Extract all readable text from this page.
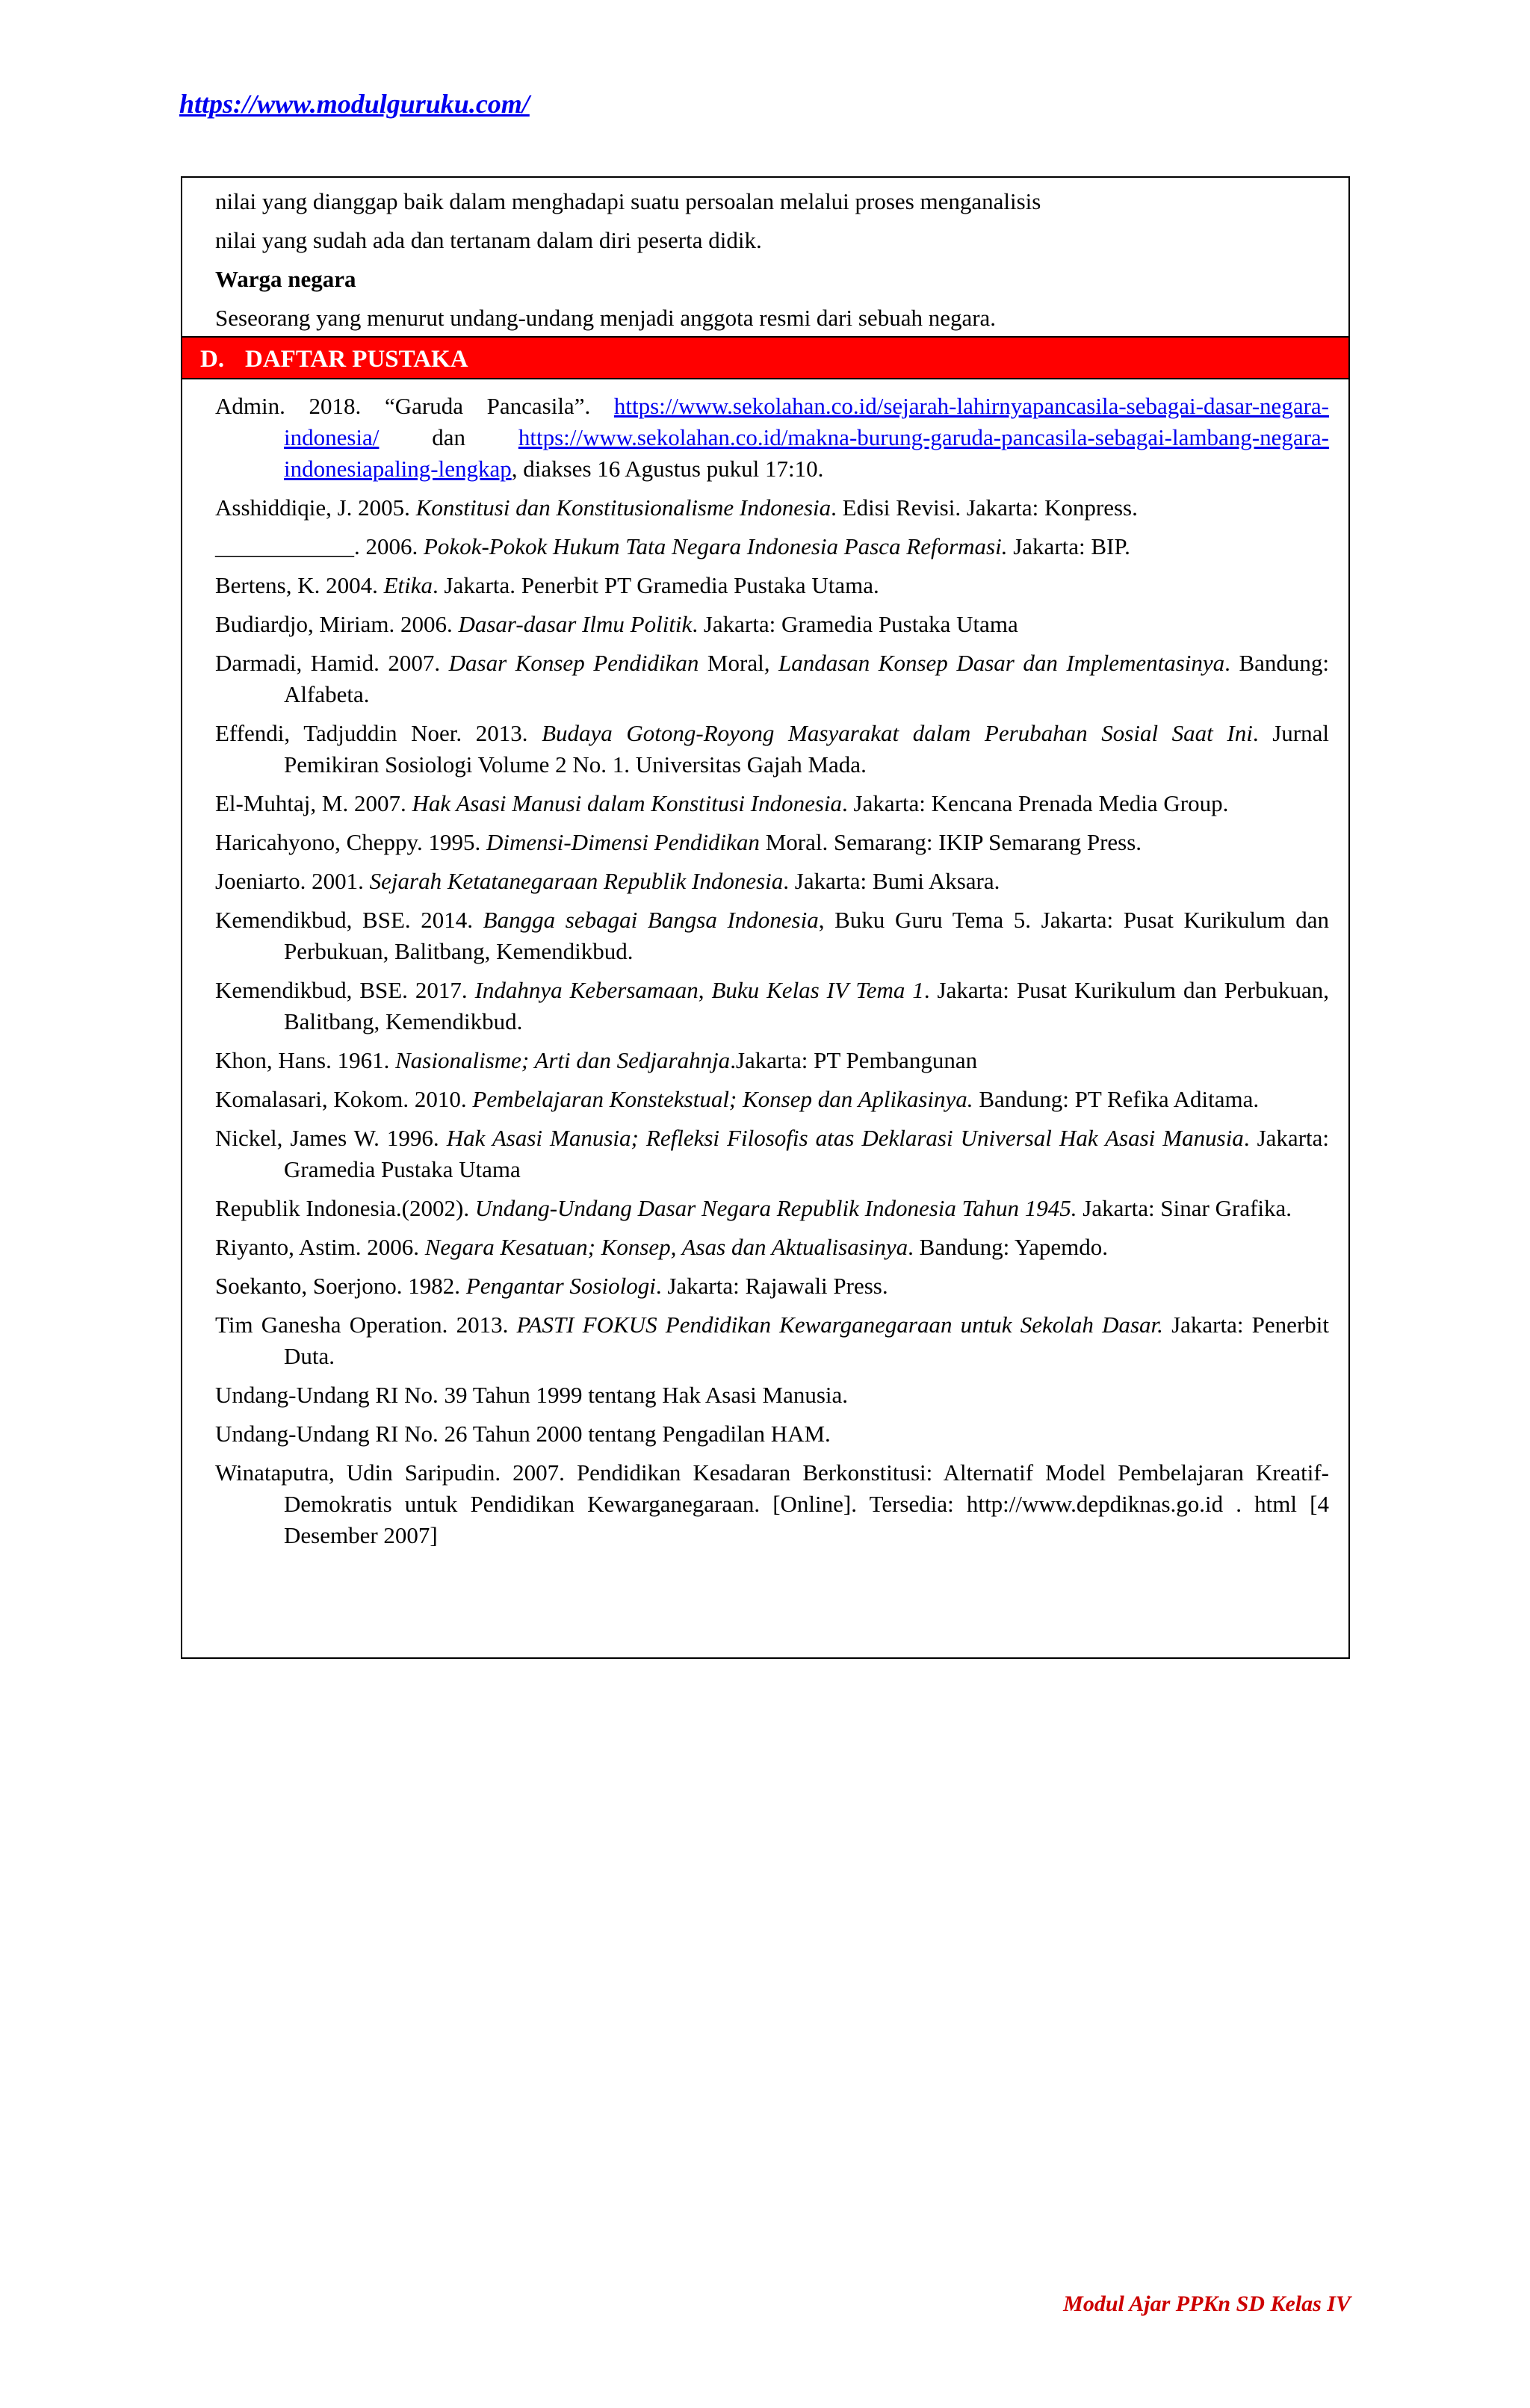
https://www.modulguruku.com/
nilai yang dianggap baik dalam menghadapi suatu persoalan melalui proses menganalisis
nilai yang sudah ada dan tertanam dalam diri peserta didik.
Warga negara
Seseorang yang menurut undang-undang menjadi anggota resmi dari sebuah negara.
D. DAFTAR PUSTAKA
Admin. 2018. “Garuda Pancasila”. https://www.sekolahan.co.id/sejarah-lahirnyapancasila-sebagai-dasar-negara-indonesia/ dan https://www.sekolahan.co.id/makna-burung-garuda-pancasila-sebagai-lambang-negara-indonesiapaling-lengkap, diakses 16 Agustus pukul 17:10.
Asshiddiqie, J. 2005. Konstitusi dan Konstitusionalisme Indonesia. Edisi Revisi. Jakarta: Konpress.
____________. 2006. Pokok-Pokok Hukum Tata Negara Indonesia Pasca Reformasi. Jakarta: BIP.
Bertens, K. 2004. Etika. Jakarta. Penerbit PT Gramedia Pustaka Utama.
Budiardjo, Miriam. 2006. Dasar-dasar Ilmu Politik. Jakarta: Gramedia Pustaka Utama
Darmadi, Hamid. 2007. Dasar Konsep Pendidikan Moral, Landasan Konsep Dasar dan Implementasinya. Bandung: Alfabeta.
Effendi, Tadjuddin Noer. 2013. Budaya Gotong-Royong Masyarakat dalam Perubahan Sosial Saat Ini. Jurnal Pemikiran Sosiologi Volume 2 No. 1. Universitas Gajah Mada.
El-Muhtaj, M. 2007. Hak Asasi Manusi dalam Konstitusi Indonesia. Jakarta: Kencana Prenada Media Group.
Haricahyono, Cheppy. 1995. Dimensi-Dimensi Pendidikan Moral. Semarang: IKIP Semarang Press.
Joeniarto. 2001. Sejarah Ketatanegaraan Republik Indonesia. Jakarta: Bumi Aksara.
Kemendikbud, BSE. 2014. Bangga sebagai Bangsa Indonesia, Buku Guru Tema 5. Jakarta: Pusat Kurikulum dan Perbukuan, Balitbang, Kemendikbud.
Kemendikbud, BSE. 2017. Indahnya Kebersamaan, Buku Kelas IV Tema 1. Jakarta: Pusat Kurikulum dan Perbukuan, Balitbang, Kemendikbud.
Khon, Hans. 1961. Nasionalisme; Arti dan Sedjarahnja.Jakarta: PT Pembangunan
Komalasari, Kokom. 2010. Pembelajaran Konstekstual; Konsep dan Aplikasinya. Bandung: PT Refika Aditama.
Nickel, James W. 1996. Hak Asasi Manusia; Refleksi Filosofis atas Deklarasi Universal Hak Asasi Manusia. Jakarta: Gramedia Pustaka Utama
Republik Indonesia.(2002). Undang-Undang Dasar Negara Republik Indonesia Tahun 1945. Jakarta: Sinar Grafika.
Riyanto, Astim. 2006. Negara Kesatuan; Konsep, Asas dan Aktualisasinya. Bandung: Yapemdo.
Soekanto, Soerjono. 1982. Pengantar Sosiologi. Jakarta: Rajawali Press.
Tim Ganesha Operation. 2013. PASTI FOKUS Pendidikan Kewarganegaraan untuk Sekolah Dasar. Jakarta: Penerbit Duta.
Undang-Undang RI No. 39 Tahun 1999 tentang Hak Asasi Manusia.
Undang-Undang RI No. 26 Tahun 2000 tentang Pengadilan HAM.
Winataputra, Udin Saripudin. 2007. Pendidikan Kesadaran Berkonstitusi: Alternatif Model Pembelajaran Kreatif-Demokratis untuk Pendidikan Kewarganegaraan. [Online]. Tersedia: http://www.depdiknas.go.id . html [4 Desember 2007]
Modul Ajar PPKn SD Kelas IV
